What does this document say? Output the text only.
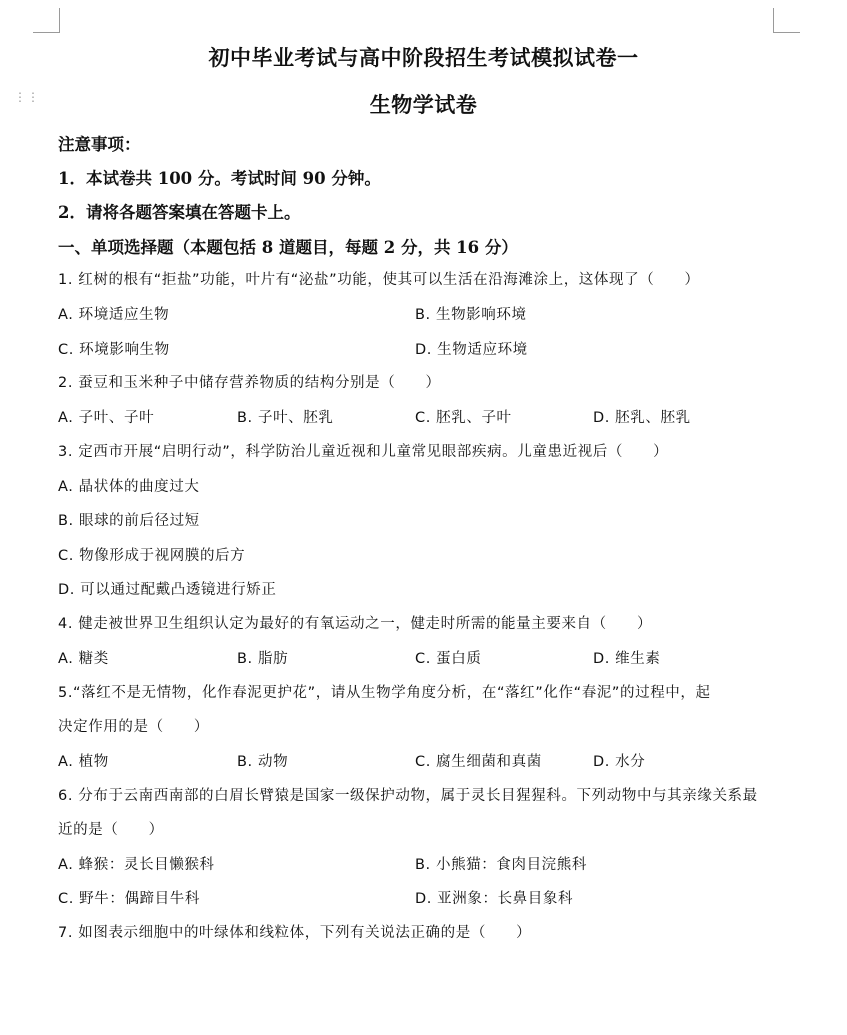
⋮⋮
初中毕业考试与高中阶段招生考试模拟试卷一
生物学试卷
注意事项：
1．本试卷共 100 分。考试时间 90 分钟。
2．请将各题答案填在答题卡上。
一、单项选择题（本题包括 8 道题目，每题 2 分，共 16 分）
1. 红树的根有“拒盐”功能，叶片有“泌盐”功能，使其可以生活在沿海滩涂上，这体现了（　　）
A. 环境适应生物	B. 生物影响环境
C. 环境影响生物	D. 生物适应环境
2. 蚕豆和玉米种子中储存营养物质的结构分别是（　　）
A. 子叶、子叶	B. 子叶、胚乳	C. 胚乳、子叶	D. 胚乳、胚乳
3. 定西市开展“启明行动”，科学防治儿童近视和儿童常见眼部疾病。儿童患近视后（　　）
A. 晶状体的曲度过大
B. 眼球的前后径过短
C. 物像形成于视网膜的后方
D. 可以通过配戴凸透镜进行矫正
4. 健走被世界卫生组织认定为最好的有氧运动之一，健走时所需的能量主要来自（　　）
A. 糖类	B. 脂肪	C. 蛋白质	D. 维生素
5.“落红不是无情物，化作春泥更护花”，请从生物学角度分析，在“落红”化作“春泥”的过程中，起
决定作用的是（　　）
A. 植物	B. 动物	C. 腐生细菌和真菌	D. 水分
6. 分布于云南西南部的白眉长臂猿是国家一级保护动物，属于灵长目猩猩科。下列动物中与其亲缘关系最
近的是（　　）
A. 蜂猴：灵长目懒猴科	B. 小熊猫：食肉目浣熊科
C. 野牛：偶蹄目牛科	D. 亚洲象：长鼻目象科
7. 如图表示细胞中的叶绿体和线粒体，下列有关说法正确的是（　　）
